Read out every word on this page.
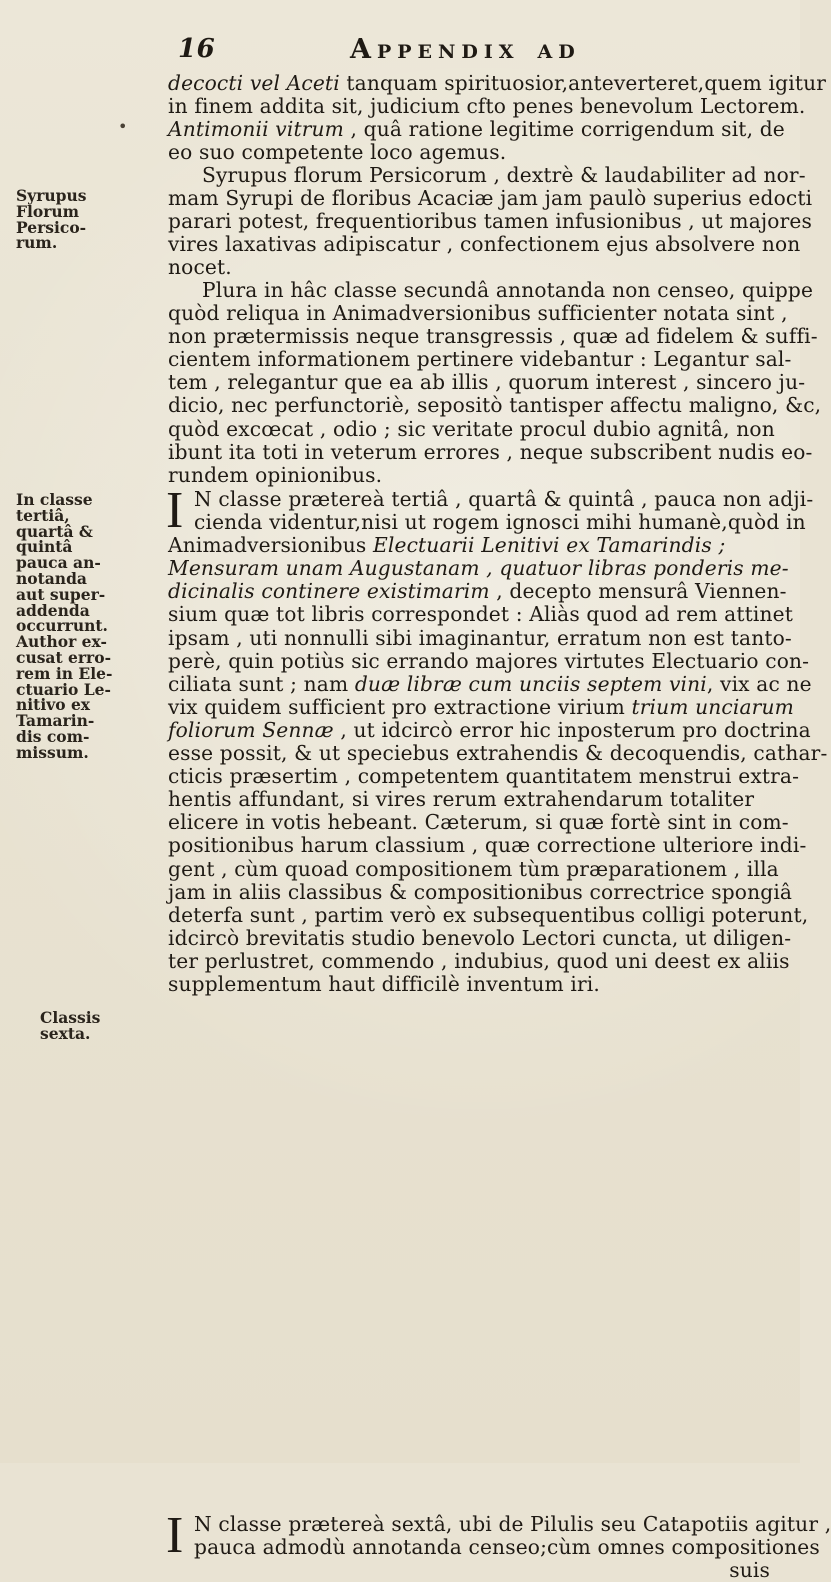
16	Appendix ad
•

decocti vel Aceti tanquam spirituosior,anteverteret,quem igitur

in finem addita sit, judicium cfto penes benevolum Lectorem.

Antimonii vitrum , quâ ratione legitime corrigendum sit, de

eo suo competente loco agemus.

Syrupus florum Persicorum , dextrè & laudabiliter ad nor-

mam Syrupi de floribus Acaciæ jam jam paulò superius edocti

parari potest, frequentioribus tamen infusionibus , ut majores

vires laxativas adipiscatur , confectionem ejus absolvere non

nocet.

Plura in hâc classe secundâ annotanda non censeo, quippe

quòd reliqua in Animadversionibus sufficienter notata sint ,

non prætermissis neque transgressis , quæ ad fidelem & suffi-

cientem informationem pertinere videbantur : Legantur sal-

tem , relegantur que ea ab illis , quorum interest , sincero ju-

dicio, nec perfunctoriè, sepositò tantisper affectu maligno, &c,

quòd excœcat , odio ; sic veritate procul dubio agnitâ, non

ibunt ita toti in veterum errores , neque subscribent nudis eo-

rundem opinionibus.

I N classe prætereà tertiâ , quartâ & quintâ , pauca non adji-

cienda videntur,nisi ut rogem ignosci mihi humanè,quòd in

Animadversionibus Electuarii Lenitivi ex Tamarindis ;

Mensuram unam Augustanam , quatuor libras ponderis me-

dicinalis continere existimarim , decepto mensurâ Viennen-

sium quæ tot libris correspondet : Aliàs quod ad rem attinet

ipsam , uti nonnulli sibi imaginantur, erratum non est tanto-

perè, quin potiùs sic errando majores virtutes Electuario con-

ciliata sunt ; nam duæ libræ cum unciis septem vini, vix ac ne

vix quidem sufficient pro extractione virium trium unciarum

foliorum Sennæ , ut idcircò error hic inposterum pro doctrina

esse possit, & ut speciebus extrahendis & decoquendis, cathar-

cticis præsertim , competentem quantitatem menstrui extra-

hentis affundant, si vires rerum extrahendarum totaliter

elicere in votis hebeant. Cæterum, si quæ fortè sint in com-

positionibus harum classium , quæ correctione ulteriore indi-

gent , cùm quoad compositionem tùm præparationem , illa

jam in aliis classibus & compositionibus correctrice spongiâ

deterfa sunt , partim verò ex subsequentibus colligi poterunt,

idcircò brevitatis studio benevolo Lectori cuncta, ut diligen-

ter perlustret, commendo , indubius, quod uni deest ex aliis

supplementum haut difficilè inventum iri.

I N classe prætereà sextâ, ubi de Pilulis seu Catapotiis agitur ,

pauca admodù annotanda censeo;cùm omnes compositiones

suis

Syrupus
Florum
Persico-
rum.
In classe
tertiâ,
quartâ &
quintâ
pauca an-
notanda
aut super-
addenda
occurrunt.
Author ex-
cusat erro-
rem in Ele-
ctuario Le-
nitivo ex
Tamarin-
dis com-
missum.
Classis
sexta.
